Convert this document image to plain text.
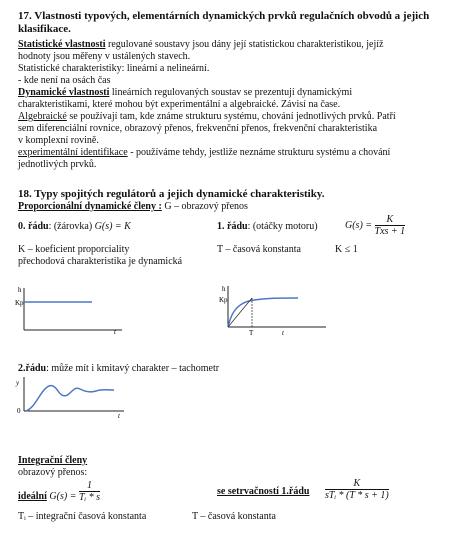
17. Vlastnosti typových, elementárních dynamických prvků regulačních obvodů a jejich
klasifikace.
Statistické vlastnosti regulované soustavy jsou dány její statistickou charakteristikou, jejíž
hodnoty jsou měřeny v ustálených stavech.
Statistické charakteristiky: lineární a nelineární.
- kde není na osách čas
Dynamické vlastnosti lineárních regulovaných soustav se prezentují dynamickými
charakteristikami, které mohou být experimentální a algebraické. Závisí na čase.
Algebraické se používají tam, kde známe strukturu systému, chování jednotlivých prvků. Patří
sem diferenciální rovnice, obrazový přenos, frekvenční přenos, frekvenční charakteristika
v komplexní rovině.
experimentální identifikace - používáme tehdy, jestliže neznáme strukturu systému a chování
jednotlivých prvků.
18. Typy spojitých regulátorů a jejich dynamické charakteristiky.
Proporcionální dynamické členy : G – obrazový přenos
0. řádu: (žárovka) G(s) = K	1. řádu: (otáčky motoru)	$G(s) = \frac{K}{\text{Txs + 1}}$
K – koeficient proporciality
přechodová charakteristika je dynamická
T – časová konstanta	K ≤ 1
h
Kp
t
h
Kp
T	t
2.řádu: může mít i kmitavý charakter – tachometr
y
0
t
Integrační členy
obrazový přenos:
ideální $G(s) = \frac{1}{\text{Tᵢ * s}}$	se setrvačností 1.řádu $\frac{K}{\text{sTᵢ * (T * s + 1)}}$
Tᵢ – integrační časová konstanta	T – časová konstanta
